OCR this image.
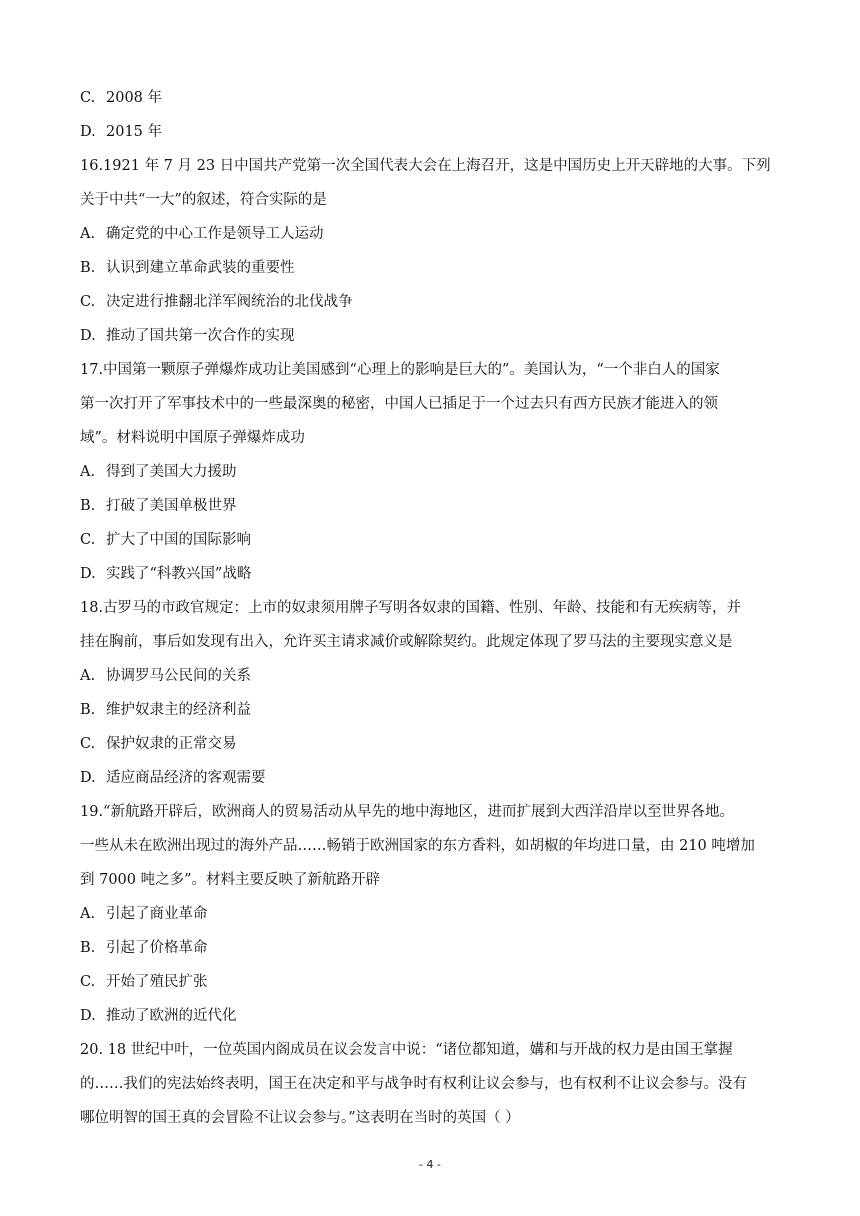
C. 2008 年
D. 2015 年
16.1921 年 7 月 23 日中国共产党第一次全国代表大会在上海召开，这是中国历史上开天辟地的大事。下列
关于中共“一大”的叙述，符合实际的是
A. 确定党的中心工作是领导工人运动
B. 认识到建立革命武装的重要性
C. 决定进行推翻北洋军阀统治的北伐战争
D. 推动了国共第一次合作的实现
17.中国第一颗原子弹爆炸成功让美国感到“心理上的影响是巨大的”。美国认为，“一个非白人的国家
第一次打开了军事技术中的一些最深奥的秘密，中国人已插足于一个过去只有西方民族才能进入的领
域”。材料说明中国原子弹爆炸成功
A. 得到了美国大力援助
B. 打破了美国单极世界
C. 扩大了中国的国际影响
D. 实践了“科教兴国”战略
18.古罗马的市政官规定：上市的奴隶须用牌子写明各奴隶的国籍、性别、年龄、技能和有无疾病等，并
挂在胸前，事后如发现有出入，允许买主请求减价或解除契约。此规定体现了罗马法的主要现实意义是
A. 协调罗马公民间的关系
B. 维护奴隶主的经济利益
C. 保护奴隶的正常交易
D. 适应商品经济的客观需要
19.“新航路开辟后，欧洲商人的贸易活动从早先的地中海地区，进而扩展到大西洋沿岸以至世界各地。
一些从未在欧洲出现过的海外产品……畅销于欧洲国家的东方香料，如胡椒的年均进口量，由 210 吨增加
到 7000 吨之多”。材料主要反映了新航路开辟
A. 引起了商业革命
B. 引起了价格革命
C. 开始了殖民扩张
D. 推动了欧洲的近代化
20. 18 世纪中叶，一位英国内阁成员在议会发言中说：“诸位都知道，媾和与开战的权力是由国王掌握
的……我们的宪法始终表明，国王在决定和平与战争时有权利让议会参与，也有权利不让议会参与。没有
哪位明智的国王真的会冒险不让议会参与。”这表明在当时的英国（ ）
- 4 -
